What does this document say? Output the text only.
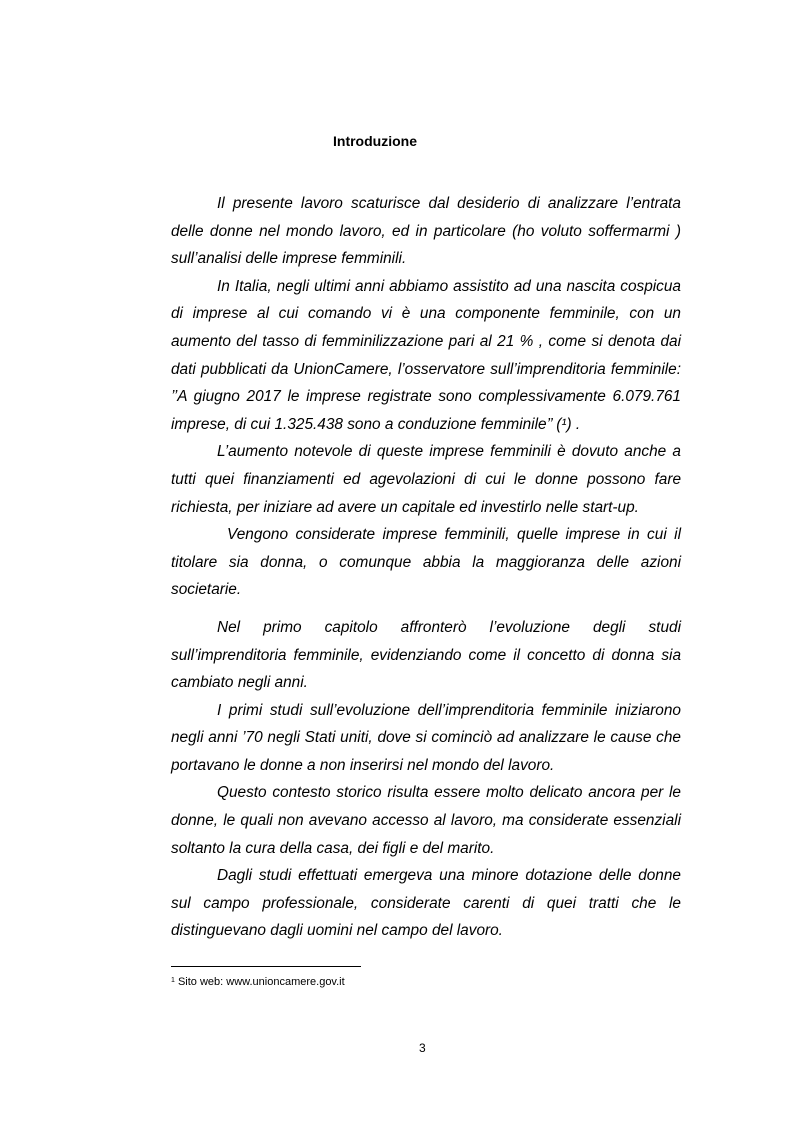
Introduzione

Il presente lavoro scaturisce dal desiderio di analizzare l’entrata delle donne nel mondo lavoro, ed in particolare (ho voluto soffermarmi ) sull’analisi delle imprese femminili.

In Italia, negli ultimi anni abbiamo assistito ad una nascita cospicua di imprese al cui comando vi è una componente femminile, con un aumento del tasso di femminilizzazione pari al 21 % , come si denota dai dati pubblicati da UnionCamere, l’osservatore sull’imprenditoria femminile: ’’A giugno 2017 le imprese registrate sono complessivamente 6.079.761 imprese, di cui 1.325.438 sono a conduzione femminile’’ (¹) .

L’aumento notevole di queste imprese femminili è dovuto anche a tutti quei finanziamenti ed agevolazioni di cui le donne possono fare richiesta, per iniziare ad avere un capitale ed investirlo nelle start-up.

Vengono considerate imprese femminili, quelle imprese in cui il titolare sia donna, o comunque abbia la maggioranza delle azioni societarie.

Nel primo capitolo affronterò l’evoluzione degli studi sull’imprenditoria femminile, evidenziando come il concetto di donna sia cambiato negli anni.

I primi studi sull’evoluzione dell’imprenditoria femminile iniziarono negli anni ’70 negli Stati uniti, dove si cominciò ad analizzare le cause che portavano le donne a non inserirsi nel mondo del lavoro.

Questo contesto storico risulta essere molto delicato ancora per le donne, le quali non avevano accesso al lavoro, ma considerate essenziali soltanto la cura della casa, dei figli e del marito.

Dagli studi effettuati emergeva una minore dotazione delle donne sul campo professionale, considerate carenti di quei tratti che le distinguevano dagli uomini nel campo del lavoro.

$^1$ Sito web: www.unioncamere.gov.it
3
